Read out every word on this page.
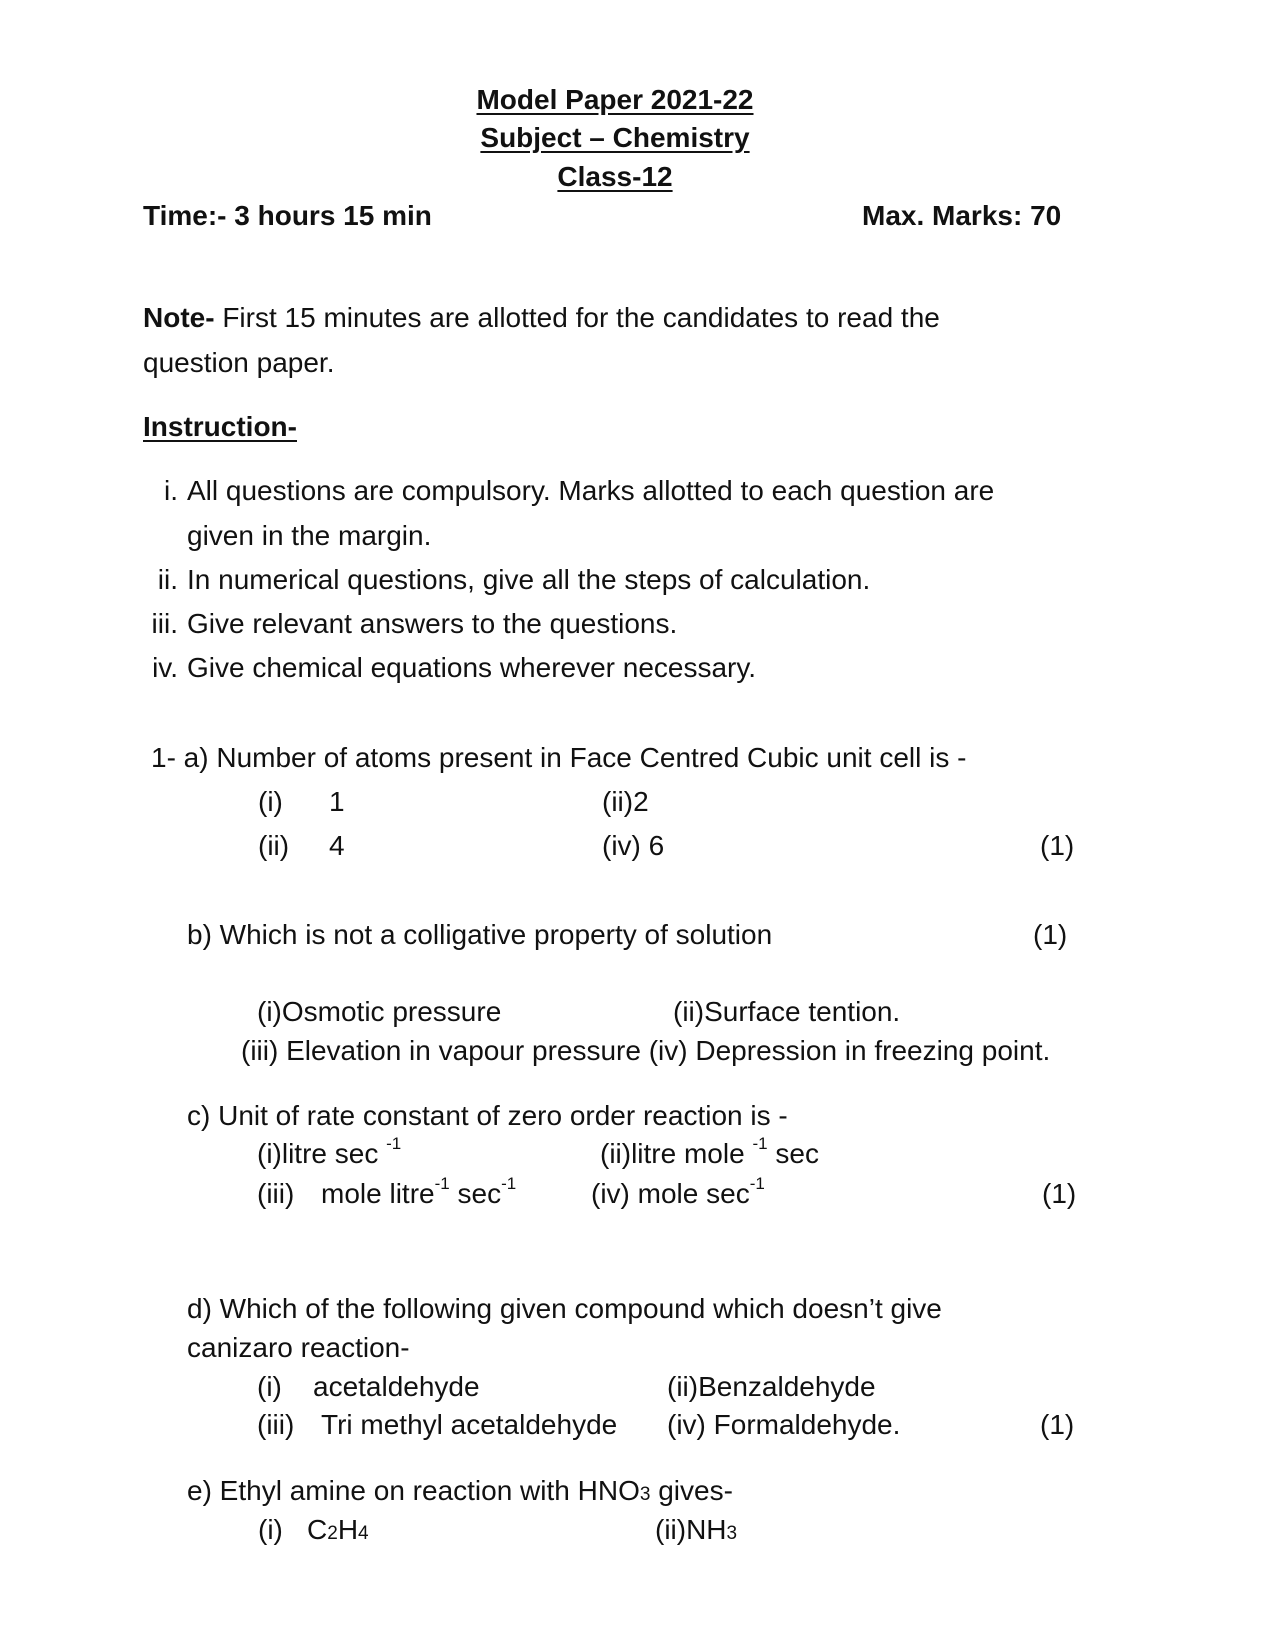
Model Paper 2021-22
Subject – Chemistry
Class-12
Time:- 3 hours 15 min	Max. Marks: 70
Note- First 15 minutes are allotted for the candidates to read the
question paper.
Instruction-
i. All questions are compulsory. Marks allotted to each question are
given in the margin.
ii. In numerical questions, give all the steps of calculation.
iii. Give relevant answers to the questions.
iv. Give chemical equations wherever necessary.
1- a) Number of atoms present in Face Centred Cubic unit cell is -
(i) 1	(ii)2
(ii) 4	(iv) 6	(1)
b) Which is not a colligative property of solution	(1)
(i)Osmotic pressure	(ii)Surface tention.
(iii) Elevation in vapour pressure (iv) Depression in freezing point.
c) Unit of rate constant of zero order reaction is -
(i)litre sec $^{-1}$	(ii)litre mole $^{-1}$ sec
(iii) mole litre$^{-1}$ $\sec^{-1}$	(iv) mole $\sec^{-1}$	(1)
d) Which of the following given compound which doesn’t give
canizaro reaction-
(i) acetaldehyde	(ii)Benzaldehyde
(iii) Tri methyl acetaldehyde (iv) Formaldehyde.	(1)
e) Ethyl amine on reaction with HNO3 gives-
(i) C2H4	(ii)NH3
